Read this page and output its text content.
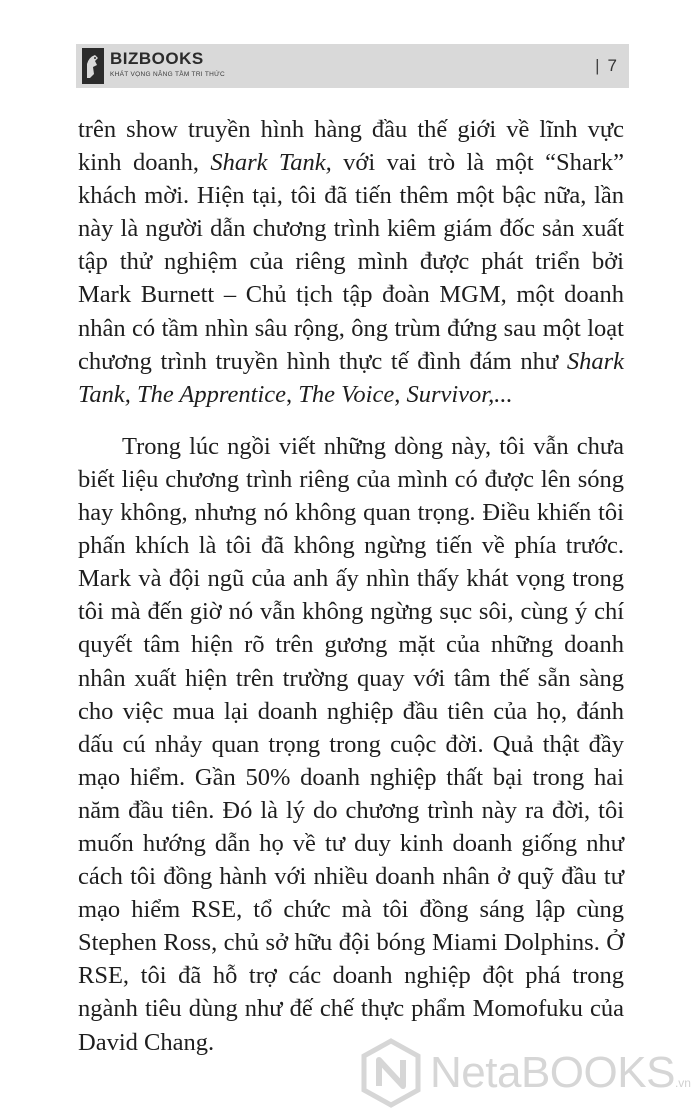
BIZBOOKS
KHÁT VỌNG NÂNG TẦM TRI THỨC	| 7

trên show truyền hình hàng đầu thế giới về lĩnh vực kinh doanh, Shark Tank, với vai trò là một “Shark” khách mời. Hiện tại, tôi đã tiến thêm một bậc nữa, lần này là người dẫn chương trình kiêm giám đốc sản xuất tập thử nghiệm của riêng mình được phát triển bởi Mark Burnett – Chủ tịch tập đoàn MGM, một doanh nhân có tầm nhìn sâu rộng, ông trùm đứng sau một loạt chương trình truyền hình thực tế đình đám như Shark Tank, The Apprentice, The Voice, Survivor,...

Trong lúc ngồi viết những dòng này, tôi vẫn chưa biết liệu chương trình riêng của mình có được lên sóng hay không, nhưng nó không quan trọng. Điều khiến tôi phấn khích là tôi đã không ngừng tiến về phía trước. Mark và đội ngũ của anh ấy nhìn thấy khát vọng trong tôi mà đến giờ nó vẫn không ngừng sục sôi, cùng ý chí quyết tâm hiện rõ trên gương mặt của những doanh nhân xuất hiện trên trường quay với tâm thế sẵn sàng cho việc mua lại doanh nghiệp đầu tiên của họ, đánh dấu cú nhảy quan trọng trong cuộc đời. Quả thật đầy mạo hiểm. Gần 50% doanh nghiệp thất bại trong hai năm đầu tiên. Đó là lý do chương trình này ra đời, tôi muốn hướng dẫn họ về tư duy kinh doanh giống như cách tôi đồng hành với nhiều doanh nhân ở quỹ đầu tư mạo hiểm RSE, tổ chức mà tôi đồng sáng lập cùng Stephen Ross, chủ sở hữu đội bóng Miami Dolphins. Ở RSE, tôi đã hỗ trợ các doanh nghiệp đột phá trong ngành tiêu dùng như đế chế thực phẩm Momofuku của David Chang.

NetaBOOKS.vn
